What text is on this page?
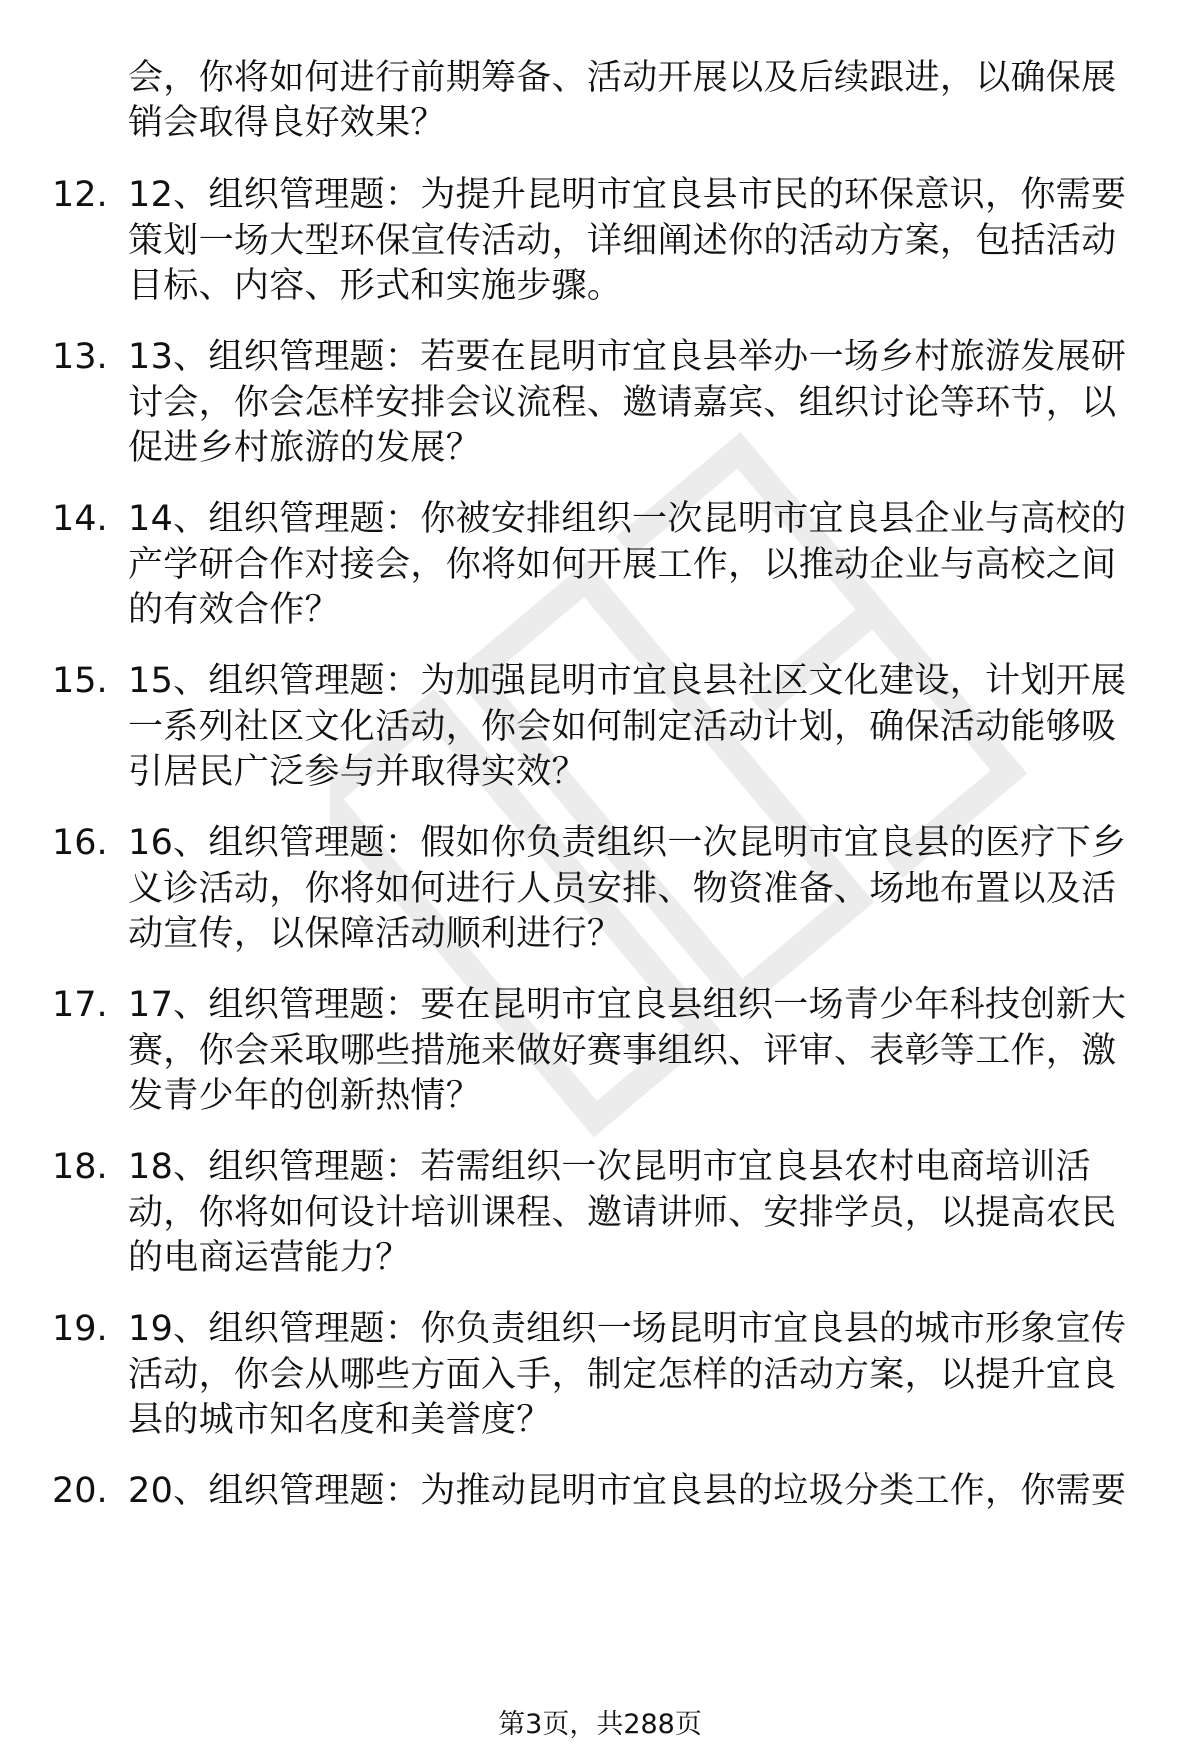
会，你将如何进行前期筹备、活动开展以及后续跟进，以确保展
销会取得良好效果？
12. 12、组织管理题：为提升昆明市宜良县市民的环保意识，你需要
策划一场大型环保宣传活动，详细阐述你的活动方案，包括活动
目标、内容、形式和实施步骤。
13. 13、组织管理题：若要在昆明市宜良县举办一场乡村旅游发展研
讨会，你会怎样安排会议流程、邀请嘉宾、组织讨论等环节，以
促进乡村旅游的发展？
14. 14、组织管理题：你被安排组织一次昆明市宜良县企业与高校的
产学研合作对接会，你将如何开展工作，以推动企业与高校之间
的有效合作？
15. 15、组织管理题：为加强昆明市宜良县社区文化建设，计划开展
一系列社区文化活动，你会如何制定活动计划，确保活动能够吸
引居民广泛参与并取得实效？
16. 16、组织管理题：假如你负责组织一次昆明市宜良县的医疗下乡
义诊活动，你将如何进行人员安排、物资准备、场地布置以及活
动宣传，以保障活动顺利进行？
17. 17、组织管理题：要在昆明市宜良县组织一场青少年科技创新大
赛，你会采取哪些措施来做好赛事组织、评审、表彰等工作，激
发青少年的创新热情？
18. 18、组织管理题：若需组织一次昆明市宜良县农村电商培训活
动，你将如何设计培训课程、邀请讲师、安排学员，以提高农民
的电商运营能力？
19. 19、组织管理题：你负责组织一场昆明市宜良县的城市形象宣传
活动，你会从哪些方面入手，制定怎样的活动方案，以提升宜良
县的城市知名度和美誉度？
20. 20、组织管理题：为推动昆明市宜良县的垃圾分类工作，你需要
第3页，共288页
